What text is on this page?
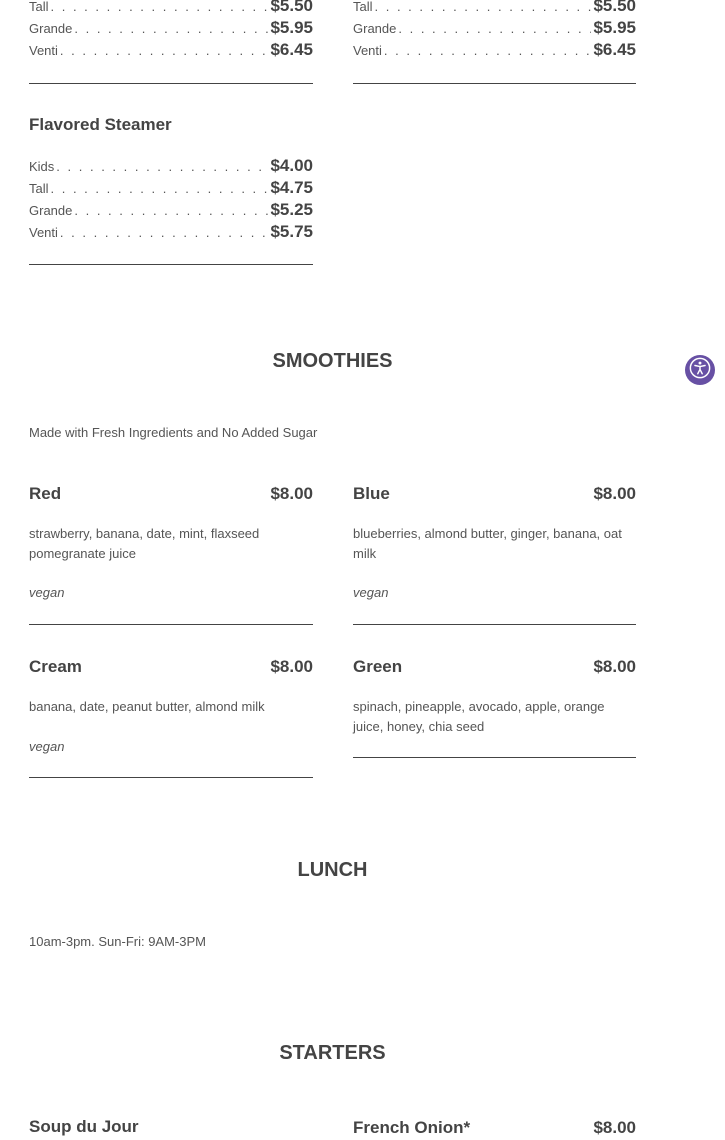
Tall . . .	$5.50
Grande . . .	$5.95
Venti . . .	$6.45
Tall . . .	$5.50
Grande . . .	$5.95
Venti . . .	$6.45
Flavored Steamer
Kids . . .	$4.00
Tall . . .	$4.75
Grande . . .	$5.25
Venti . . .	$5.75
SMOOTHIES
Made with Fresh Ingredients and No Added Sugar
Red	$8.00
strawberry, banana, date, mint, flaxseed pomegranate juice
vegan
Blue	$8.00
blueberries, almond butter, ginger, banana, oat milk
vegan
Cream	$8.00
banana, date, peanut butter, almond milk
vegan
Green	$8.00
spinach, pineapple, avocado, apple, orange juice, honey, chia seed
LUNCH
10am-3pm. Sun-Fri: 9AM-3PM
STARTERS
Soup du Jour	French Onion*	$8.00
